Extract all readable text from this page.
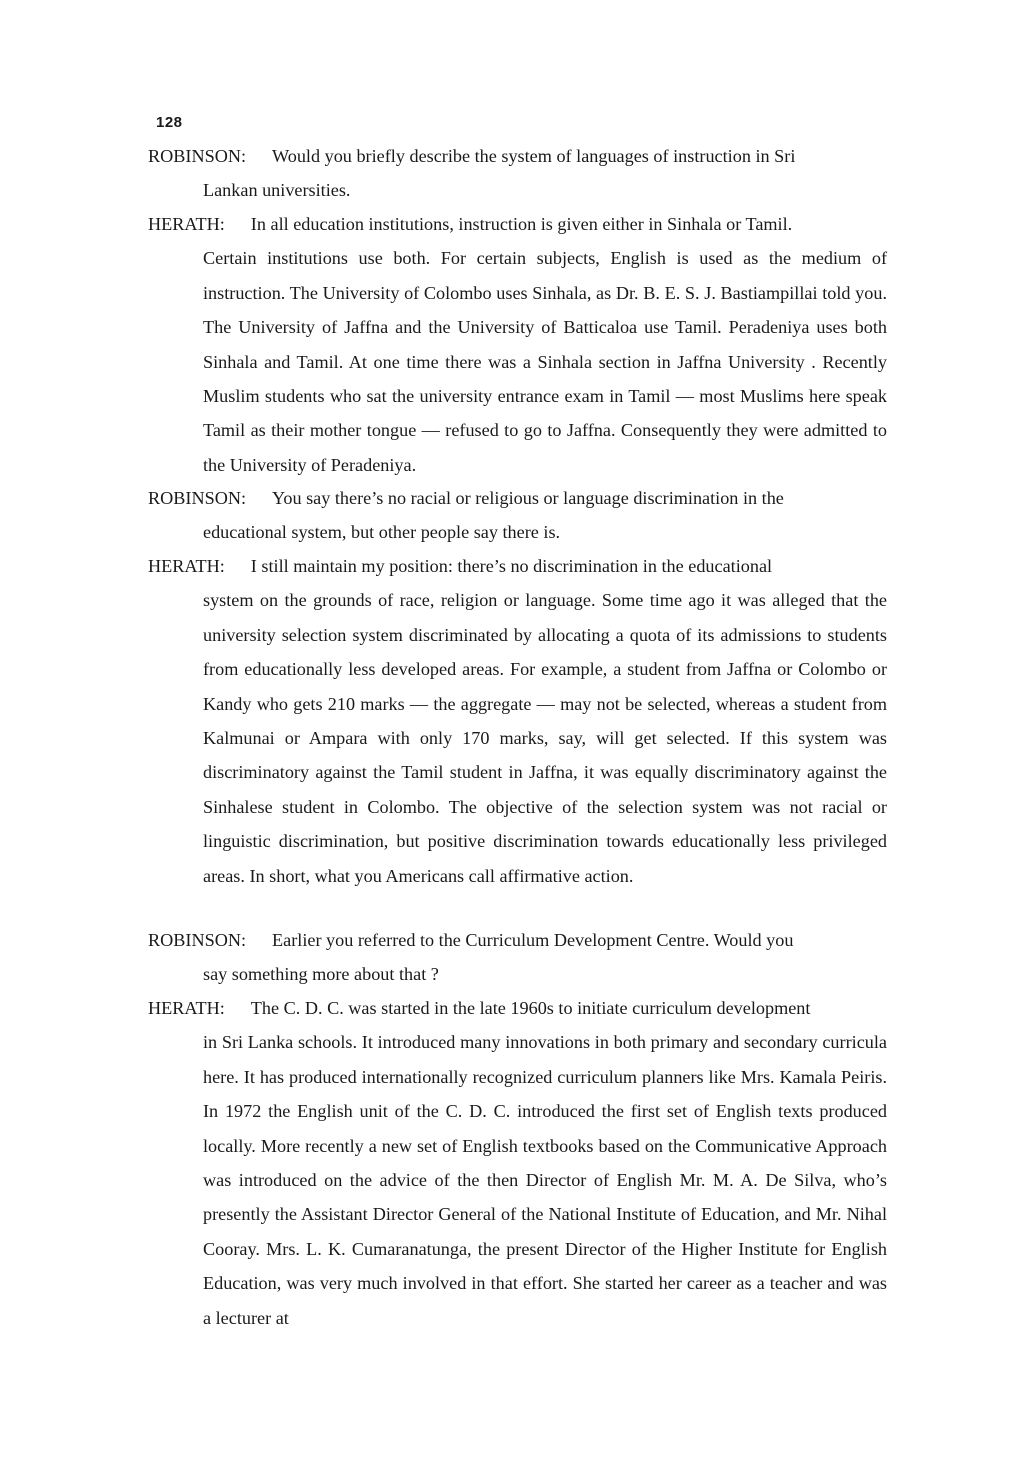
128
ROBINSON: Would you briefly describe the system of languages of instruction in Sri
Lankan universities.
HERATH: In all education institutions, instruction is given either in Sinhala or Tamil.
Certain institutions use both. For certain subjects, English is used as the medium of instruction. The University of Colombo uses Sinhala, as Dr. B. E. S. J. Bastiampillai told you. The University of Jaffna and the University of Batticaloa use Tamil. Peradeniya uses both Sinhala and Tamil. At one time there was a Sinhala section in Jaffna University . Recently Muslim students who sat the university entrance exam in Tamil — most Muslims here speak Tamil as their mother tongue — refused to go to Jaffna. Consequently they were admitted to the University of Peradeniya.
ROBINSON: You say there’s no racial or religious or language discrimination in the
educational system, but other people say there is.
HERATH: I still maintain my position: there’s no discrimination in the educational
system on the grounds of race, religion or language. Some time ago it was alleged that the university selection system discriminated by allocating a quota of its admissions to students from educationally less developed areas. For example, a student from Jaffna or Colombo or Kandy who gets 210 marks — the aggregate — may not be selected, whereas a student from Kalmunai or Ampara with only 170 marks, say, will get selected. If this system was discriminatory against the Tamil student in Jaffna, it was equally discriminatory against the Sinhalese student in Colombo. The objective of the selection system was not racial or linguistic discrimination, but positive discrimination towards educationally less privileged areas. In short, what you Americans call affirmative action.
ROBINSON: Earlier you referred to the Curriculum Development Centre. Would you
say something more about that ?
HERATH: The C. D. C. was started in the late 1960s to initiate curriculum development
in Sri Lanka schools. It introduced many innovations in both primary and secondary curricula here. It has produced internationally recognized curriculum planners like Mrs. Kamala Peiris. In 1972 the English unit of the C. D. C. introduced the first set of English texts produced locally. More recently a new set of English textbooks based on the Communicative Approach was introduced on the advice of the then Director of English Mr. M. A. De Silva, who’s presently the Assistant Director General of the National Institute of Education, and Mr. Nihal Cooray. Mrs. L. K. Cumaranatunga, the present Director of the Higher Institute for English Education, was very much involved in that effort. She started her career as a teacher and was a lecturer at
